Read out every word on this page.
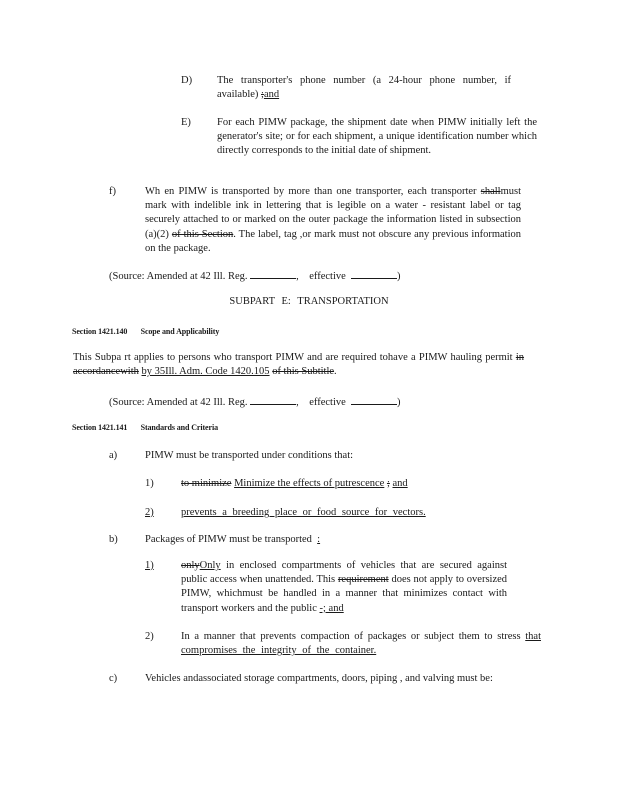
D) The transporter's phone number (a 24-hour phone number, if available) ;and
E) For each PIMW package, the shipment date when PIMW initially left the generator's site; or for each shipment, a unique identification number which directly corresponds to the initial date of shipment.
f)	Wh en PIMW is transported by more than one transporter, each transporter shallmust mark with indelible ink in lettering that is legible on a water - resistant label or tag securely attached to or marked on the outer package the information listed in subsection (a)(2) of this Section. The label, tag ,or mark must not obscure any previous information on the package.
(Source: Amended at 42 Ill. Reg.	, effective	)
SUBPART E: TRANSPORTATION
Section 1421.140 Scope and Applicability
This Subpa rt applies to persons who transport PIMW and are required tohave a PIMW hauling permit in accordancewith by 35Ill. Adm. Code 1420.105 of this Subtitle.
(Source: Amended at 42 Ill. Reg.	, effective	)
Section 1421.141 Standards and Criteria
a)	PIMW must be transported under conditions that:
1)	to minimize Minimize the effects of putrescence ; and
2)	prevents a breeding place or food source for vectors.
b)	Packages of PIMW must be transported :
1)	onlyOnly in enclosed compartments of vehicles that are secured against public access when unattended. This requirement does not apply to oversized PIMW, whichmust be handled in a manner that minimizes contact with transport workers and the public -; and
2)	In a manner that prevents compaction of packages or subject them to stress that compromises the integrity of the container.
c)	Vehicles andassociated storage compartments, doors, piping , and valving must be:
